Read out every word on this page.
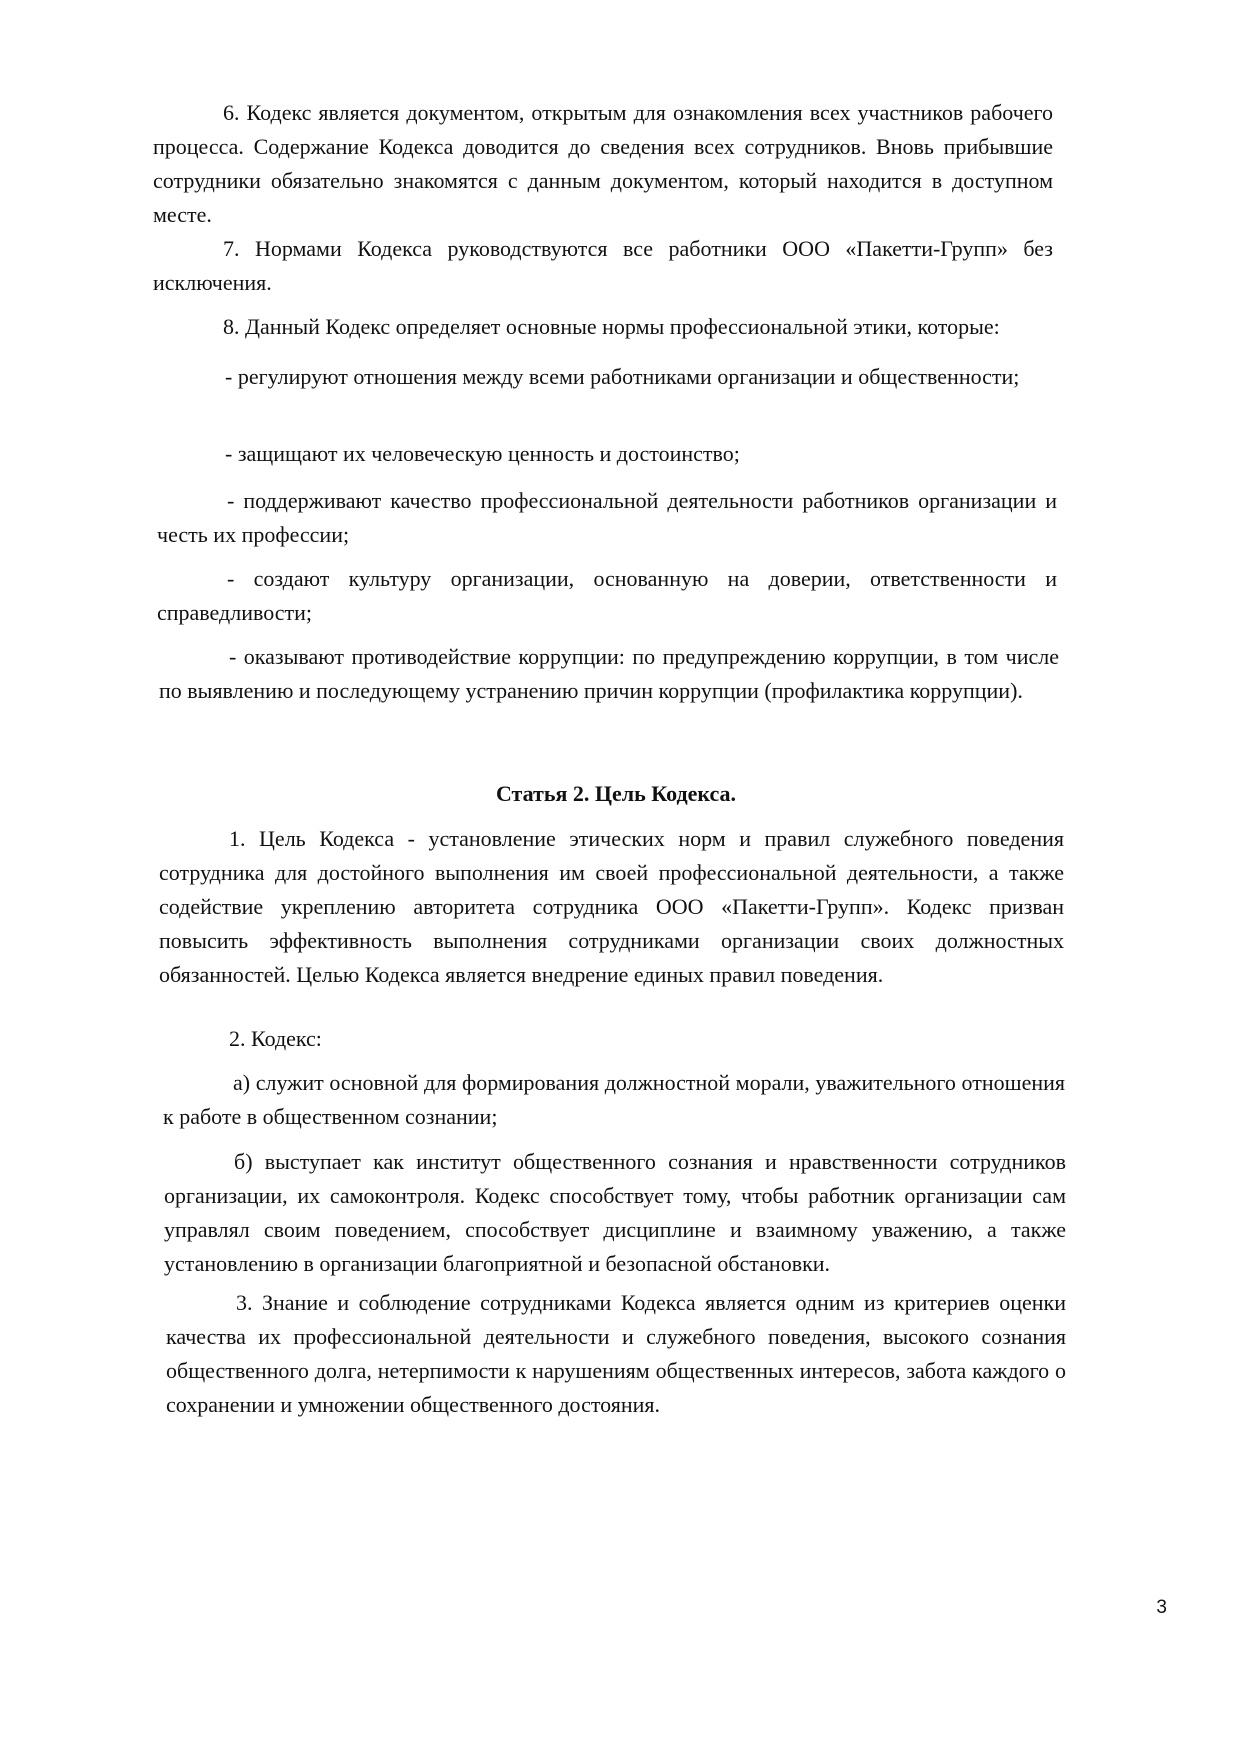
6. Кодекс является документом, открытым для ознакомления всех участников рабочего процесса. Содержание Кодекса доводится до сведения всех сотрудников. Вновь прибывшие сотрудники обязательно знакомятся с данным документом, который находится в доступном месте.

7. Нормами Кодекса руководствуются все работники ООО «Пакетти-Групп» без исключения.

8. Данный Кодекс определяет основные нормы профессиональной этики, которые:

- регулируют отношения между всеми работниками организации и общественности;

- защищают их человеческую ценность и достоинство;

- поддерживают качество профессиональной деятельности работников организации и честь их профессии;

- создают культуру организации, основанную на доверии, ответственности и справедливости;

- оказывают противодействие коррупции: по предупреждению коррупции, в том числе по выявлению и последующему устранению причин коррупции (профилактика коррупции).

Статья 2. Цель Кодекса.

1. Цель Кодекса - установление этических норм и правил служебного поведения сотрудника для достойного выполнения им своей профессиональной деятельности, а также содействие укреплению авторитета сотрудника ООО «Пакетти-Групп». Кодекс призван повысить эффективность выполнения сотрудниками организации своих должностных обязанностей. Целью Кодекса является внедрение единых правил поведения.

2. Кодекс:

а) служит основной для формирования должностной морали, уважительного отношения к работе в общественном сознании;

б) выступает как институт общественного сознания и нравственности сотрудников организации, их самоконтроля. Кодекс способствует тому, чтобы работник организации сам управлял своим поведением, способствует дисциплине и взаимному уважению, а также установлению в организации благоприятной и безопасной обстановки.

3. Знание и соблюдение сотрудниками Кодекса является одним из критериев оценки качества их профессиональной деятельности и служебного поведения, высокого сознания общественного долга, нетерпимости к нарушениям общественных интересов, забота каждого о сохранении и умножении общественного достояния.

3
